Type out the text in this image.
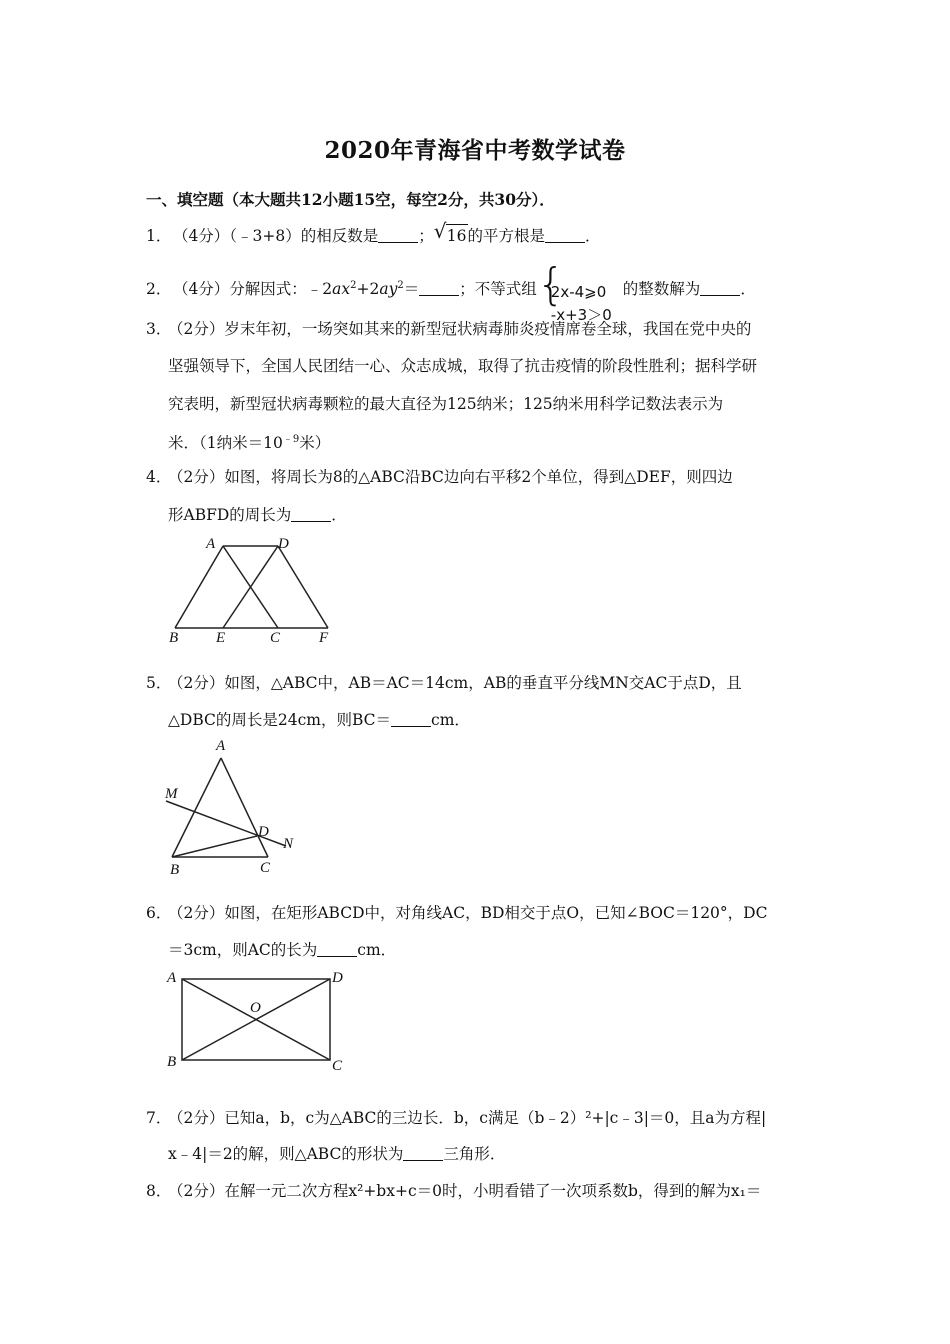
2020年青海省中考数学试卷
一、填空题（本大题共12小题15空，每空2分，共30分）．
1． （4分）（﹣3+8）的相反数是	； √ 16的平方根是	．
2． （4分）分解因式：$﹣2ax^2+2ay^2=$	；不等式组 {
2x-4⩾0
-x+3＞0
的整数解为	．
3．（2分）岁末年初，一场突如其来的新型冠状病毒肺炎疫情席卷全球，我国在党中央的
坚强领导下，全国人民团结一心、众志成城，取得了抗击疫情的阶段性胜利；据科学研
究表明，新型冠状病毒颗粒的最大直径为125纳米；125纳米用科学记数法表示为
米．（1纳米$=10^{﹣9}$米）
4．（2分）如图，将周长为8的△ABC沿BC边向右平移2个单位，得到△DEF，则四边
形ABFD的周长为	．
A	D
B	E	C	F
5．（2分）如图，△ABC中，AB＝AC＝14cm，AB的垂直平分线MN交AC于点D，且
△DBC的周长是24cm，则BC＝	cm．
A
M
D
N
B	C
6．（2分）如图，在矩形ABCD中，对角线AC，BD相交于点O，已知∠BOC＝120°，DC
＝3cm，则AC的长为	cm．
A	D
O
B	C
7．（2分）已知a，b，c为△ABC的三边长．b，c满足（b﹣2）²+|c﹣3|＝0，且a为方程|
x﹣4|＝2的解，则△ABC的形状为	三角形．
8．（2分）在解一元二次方程x²+bx+c＝0时，小明看错了一次项系数b，得到的解为x₁＝
